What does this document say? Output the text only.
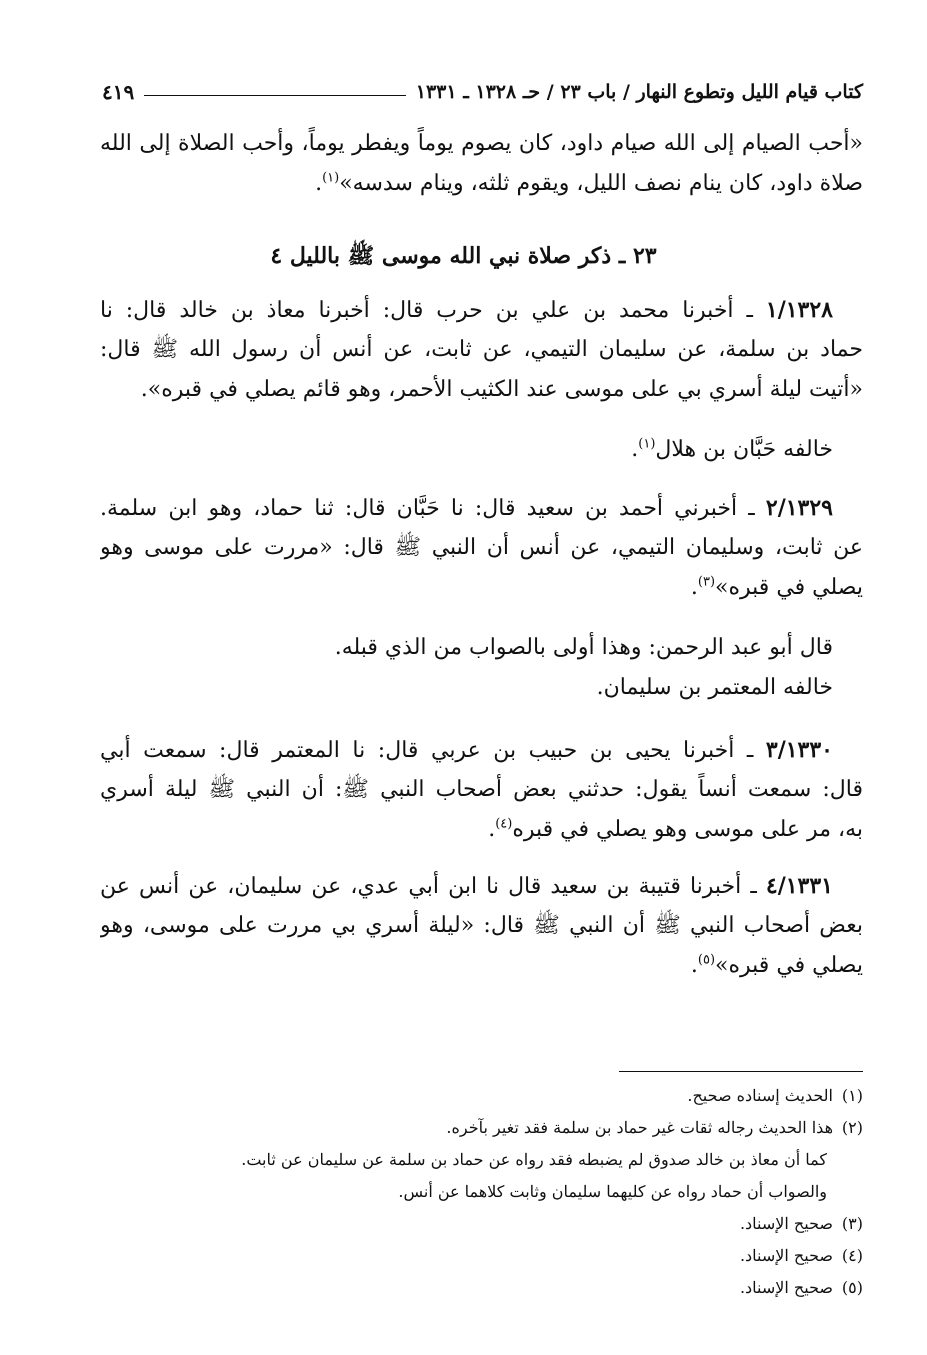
كتاب قيام الليل وتطوع النهار / باب ٢٣ / حـ ١٣٢٨ ـ ١٣٣١
٤١٩
«أحب الصيام إلى الله صيام داود، كان يصوم يوماً ويفطر يوماً، وأحب الصلاة إلى الله
صلاة داود، كان ينام نصف الليل، ويقوم ثلثه، وينام سدسه»$^{(١)}$.
٢٣ ـ ذكر صلاة نبي الله موسى ﷺ بالليل ٤
١/١٣٢٨ ـ أخبرنا محمد بن علي بن حرب قال: أخبرنا معاذ بن خالد قال: نا
حماد بن سلمة، عن سليمان التيمي، عن ثابت، عن أنس أن رسول الله ﷺ قال:
«أتيت ليلة أسري بي على موسى عند الكثيب الأحمر، وهو قائم يصلي في قبره».
خالفه حَبَّان بن هلال$^{(١)}$.
٢/١٣٢٩ ـ أخبرني أحمد بن سعيد قال: نا حَبَّان قال: ثنا حماد، وهو ابن سلمة.
عن ثابت، وسليمان التيمي، عن أنس أن النبي ﷺ قال: «مررت على موسى وهو
يصلي في قبره»$^{(٣)}$.
قال أبو عبد الرحمن: وهذا أولى بالصواب من الذي قبله.
خالفه المعتمر بن سليمان.
٣/١٣٣٠ ـ أخبرنا يحيى بن حبيب بن عربي قال: نا المعتمر قال: سمعت أبي
قال: سمعت أنساً يقول: حدثني بعض أصحاب النبي ﷺ: أن النبي ﷺ ليلة أسري
به، مر على موسى وهو يصلي في قبره$^{(٤)}$.
٤/١٣٣١ ـ أخبرنا قتيبة بن سعيد قال نا ابن أبي عدي، عن سليمان، عن أنس عن
بعض أصحاب النبي ﷺ أن النبي ﷺ قال: «ليلة أسري بي مررت على موسى، وهو
يصلي في قبره»$^{(٥)}$.
(١)الحديث إسناده صحيح.
(٢)هذا الحديث رجاله ثقات غير حماد بن سلمة فقد تغير بآخره.
كما أن معاذ بن خالد صدوق لم يضبطه فقد رواه عن حماد بن سلمة عن سليمان عن ثابت.
والصواب أن حماد رواه عن كليهما سليمان وثابت كلاهما عن أنس.
(٣)صحيح الإسناد.
(٤)صحيح الإسناد.
(٥)صحيح الإسناد.
